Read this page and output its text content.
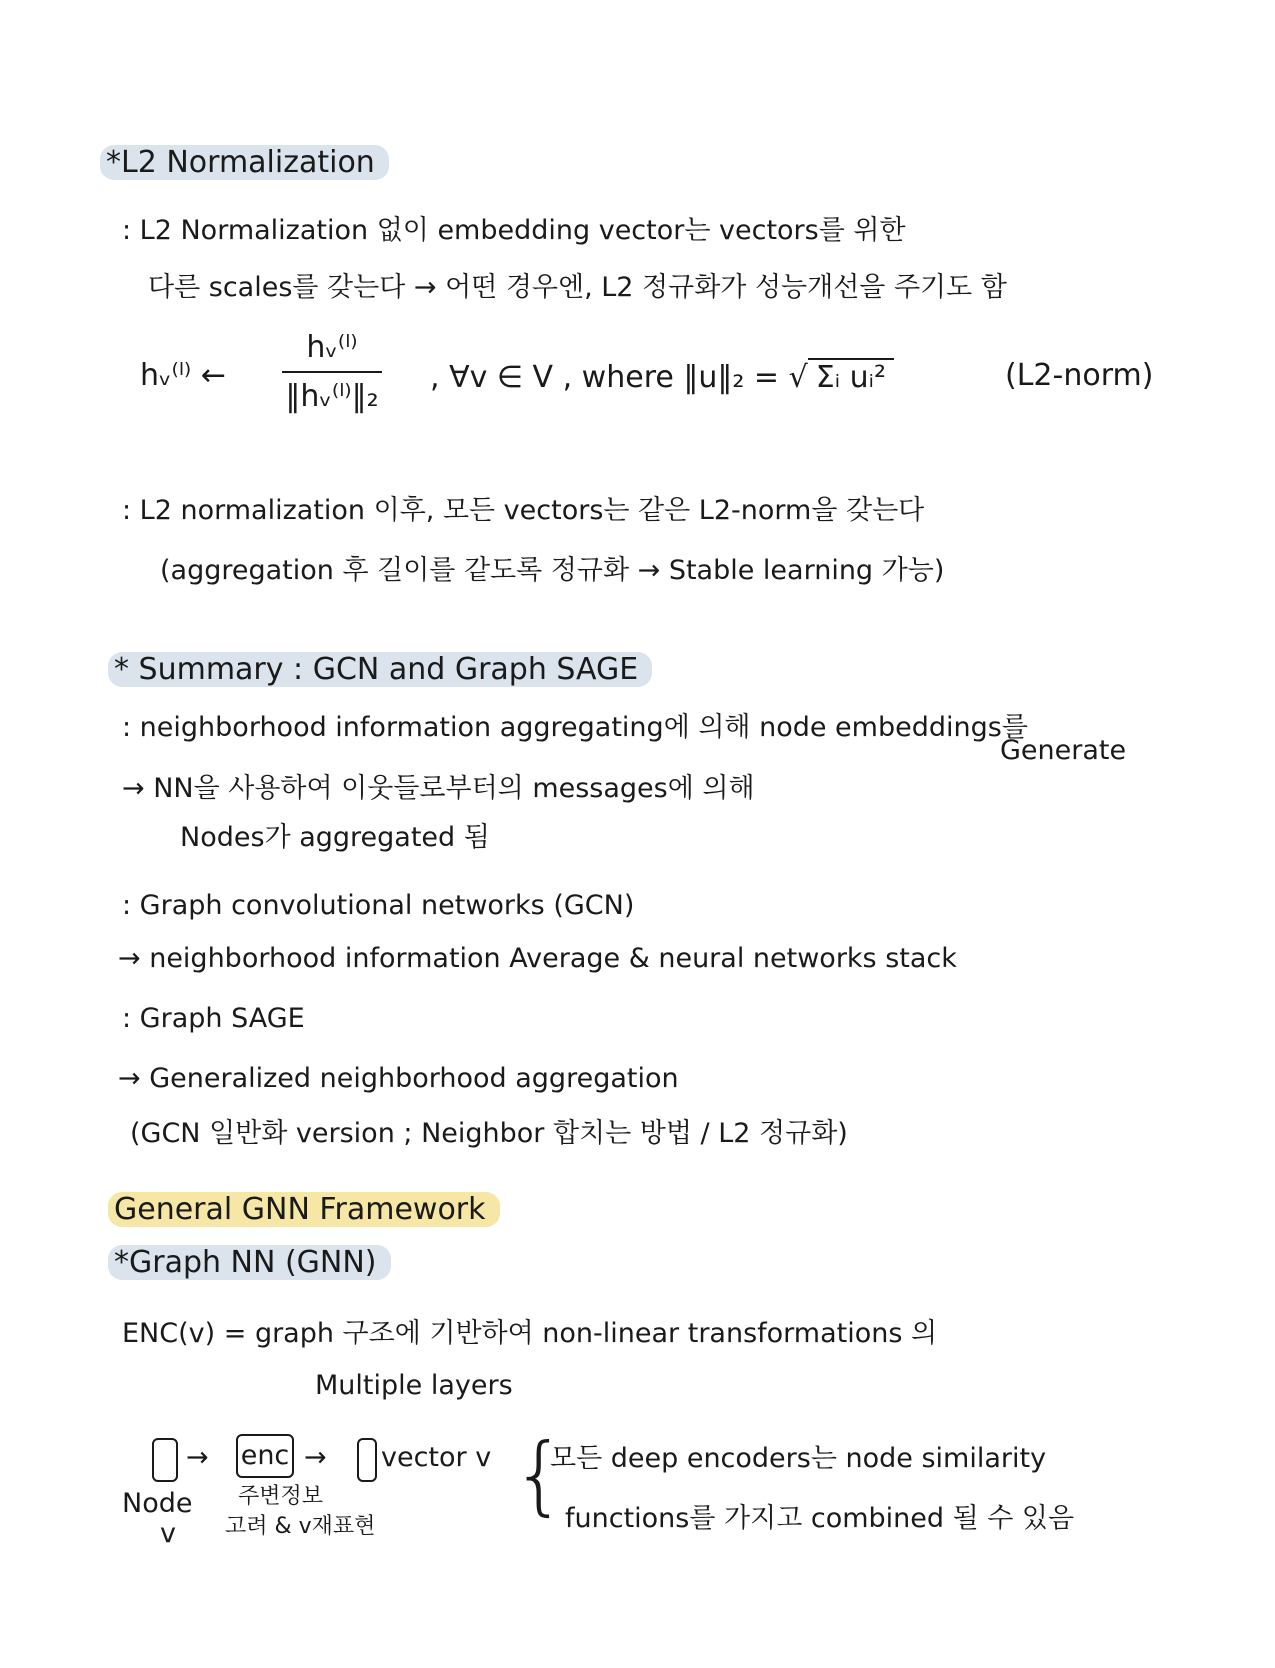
*L2 Normalization
: L2 Normalization 없이 embedding vector는 vectors를 위한
다른 scales를 갖는다 → 어떤 경우엔, L2 정규화가 성능개선을 주기도 함
hᵥ⁽ˡ⁾ ←
hᵥ⁽ˡ⁾
‖hᵥ⁽ˡ⁾‖₂
, ∀v ∈ V , where ‖u‖₂ = √ Σᵢ uᵢ²	(L2-norm)
: L2 normalization 이후, 모든 vectors는 같은 L2-norm을 갖는다
(aggregation 후 길이를 같도록 정규화 → Stable learning 가능)
* Summary : GCN and Graph SAGE
: neighborhood information aggregating에 의해 node embeddings를
Generate
→ NN을 사용하여 이웃들로부터의 messages에 의해
Nodes가 aggregated 됨
: Graph convolutional networks (GCN)
→ neighborhood information Average & neural networks stack
: Graph SAGE
→ Generalized neighborhood aggregation
(GCN 일반화 version ; Neighbor 합치는 방법 / L2 정규화)
General GNN Framework
*Graph NN (GNN)
ENC(v) = graph 구조에 기반하여 non-linear transformations 의
Multiple layers
→ enc → vector v
Node
v
주변정보
고려 & v재표현
{
모든 deep encoders는 node similarity
functions를 가지고 combined 될 수 있음
